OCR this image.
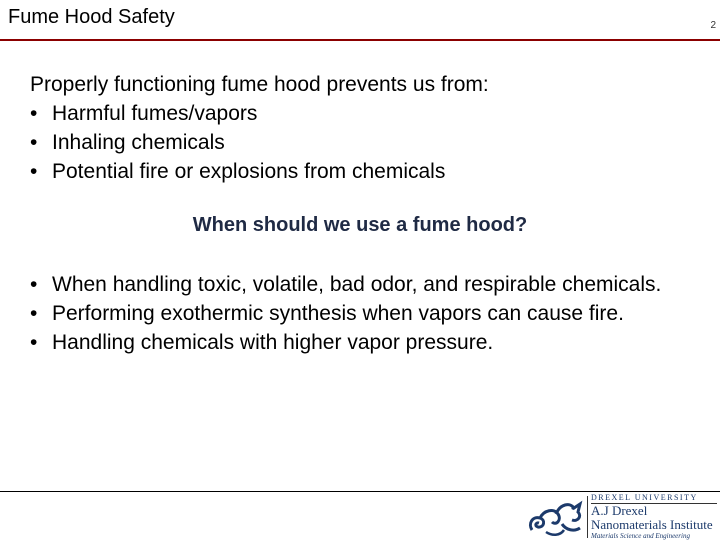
Fume Hood Safety	2
Properly functioning fume hood prevents us from:
• Harmful fumes/vapors
• Inhaling chemicals
• Potential fire or explosions from chemicals
When should we use a fume hood?
• When handling toxic, volatile, bad odor, and respirable chemicals.
• Performing exothermic synthesis when vapors can cause fire.
• Handling chemicals with higher vapor pressure.
DREXEL UNIVERSITY
A.J Drexel
Nanomaterials Institute
Materials Science and Engineering
